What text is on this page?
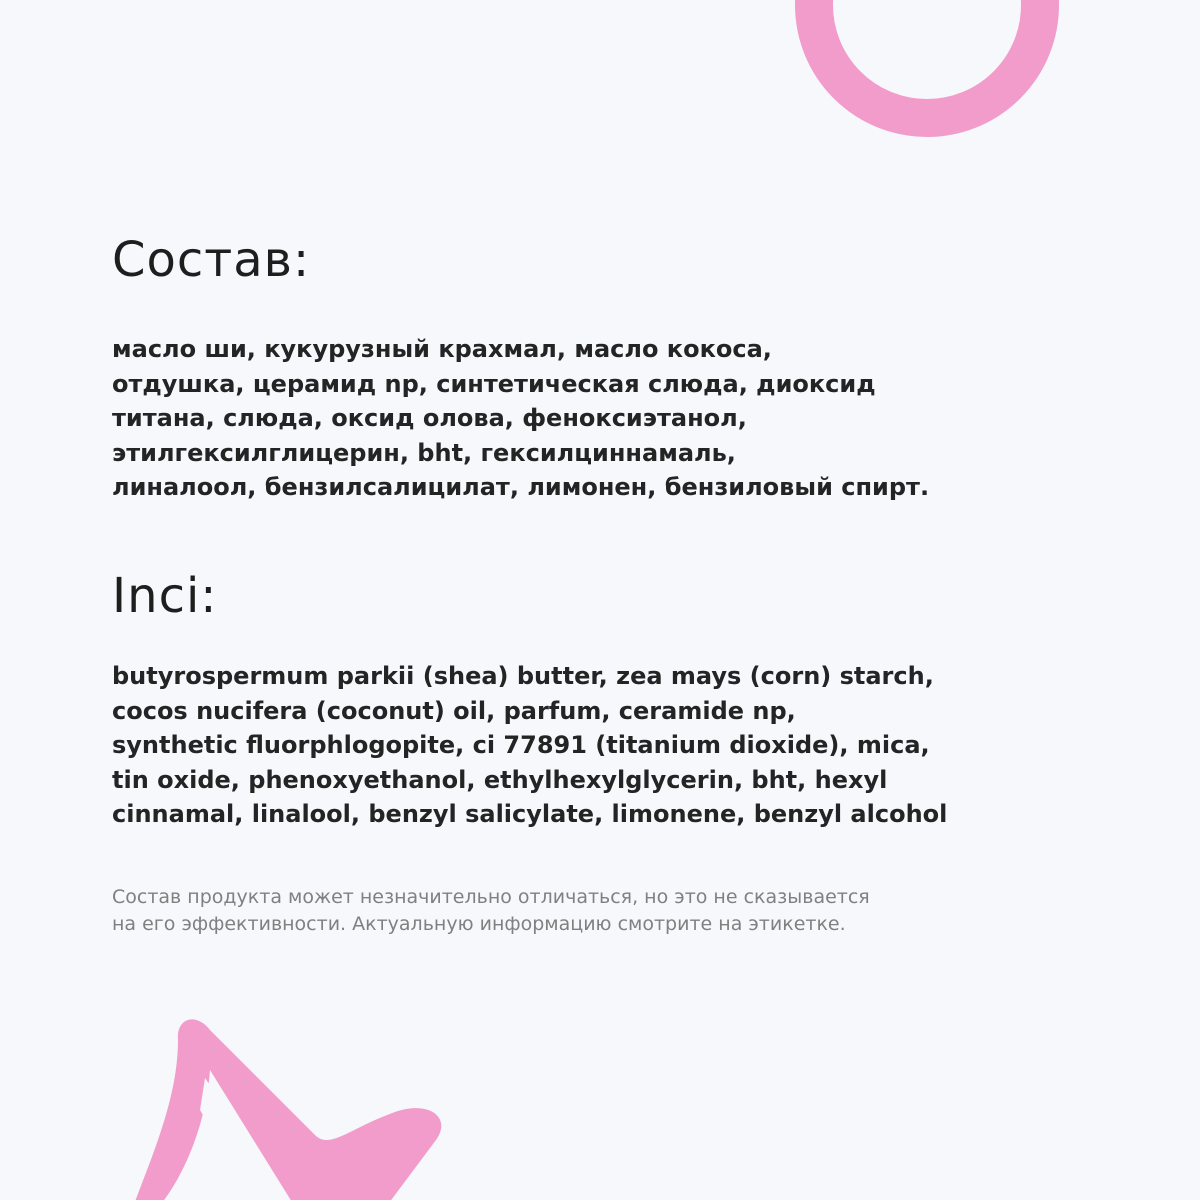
Состав:

масло ши, кукурузный крахмал, масло кокоса,
отдушка, церамид np, синтетическая слюда, диоксид
титана, слюда, оксид олова, феноксиэтанол,
этилгексилглицерин, bht, гексилциннамаль,
линалоол, бензилсалицилат, лимонен, бензиловый спирт.

Inci:

butyrospermum parkii (shea) butter, zea mays (corn) starch,
cocos nucifera (coconut) oil, parfum, ceramide np,
synthetic fluorphlogopite, ci 77891 (titanium dioxide), mica,
tin oxide, phenoxyethanol, ethylhexylglycerin, bht, hexyl
cinnamal, linalool, benzyl salicylate, limonene, benzyl alcohol

Состав продукта может незначительно отличаться, но это не сказывается
на его эффективности. Актуальную информацию смотрите на этикетке.
